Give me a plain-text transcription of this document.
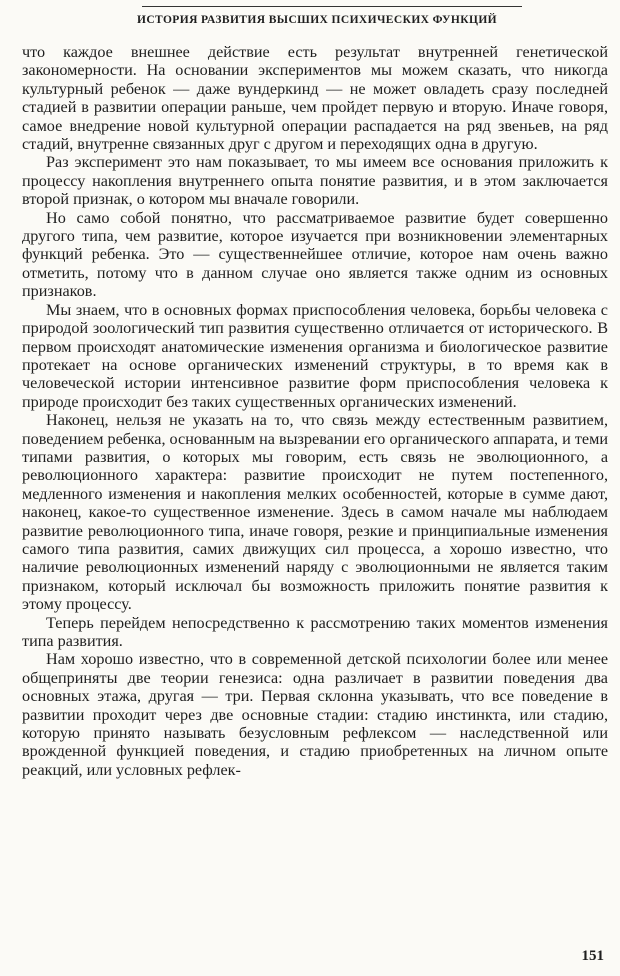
ИСТОРИЯ РАЗВИТИЯ ВЫСШИХ ПСИХИЧЕСКИХ ФУНКЦИЙ

что каждое внешнее действие есть результат внутренней генетической закономерности. На основании экспериментов мы можем сказать, что никогда культурный ребенок — даже вундеркинд — не может овладеть сразу последней стадией в развитии операции раньше, чем пройдет первую и вторую. Иначе говоря, самое внедрение новой культурной операции распадается на ряд звеньев, на ряд стадий, внутренне связанных друг с другом и переходящих одна в другую.

Раз эксперимент это нам показывает, то мы имеем все основания приложить к процессу накопления внутреннего опыта понятие развития, и в этом заключается второй признак, о котором мы вначале говорили.

Но само собой понятно, что рассматриваемое развитие будет совершенно другого типа, чем развитие, которое изучается при возникновении элементарных функций ребенка. Это — существеннейшее отличие, которое нам очень важно отметить, потому что в данном случае оно является также одним из основных признаков.

Мы знаем, что в основных формах приспособления человека, борьбы человека с природой зоологический тип развития существенно отличается от исторического. В первом происходят анатомические изменения организма и биологическое развитие протекает на основе органических изменений структуры, в то время как в человеческой истории интенсивное развитие форм приспособления человека к природе происходит без таких существенных органических изменений.

Наконец, нельзя не указать на то, что связь между естественным развитием, поведением ребенка, основанным на вызревании его органического аппарата, и теми типами развития, о которых мы говорим, есть связь не эволюционного, а революционного характера: развитие происходит не путем постепенного, медленного изменения и накопления мелких особенностей, которые в сумме дают, наконец, какое-то существенное изменение. Здесь в самом начале мы наблюдаем развитие революционного типа, иначе говоря, резкие и принципиальные изменения самого типа развития, самих движущих сил процесса, а хорошо известно, что наличие революционных изменений наряду с эволюционными не является таким признаком, который исключал бы возможность приложить понятие развития к этому процессу.

Теперь перейдем непосредственно к рассмотрению таких моментов изменения типа развития.

Нам хорошо известно, что в современной детской психологии более или менее общеприняты две теории генезиса: одна различает в развитии поведения два основных этажа, другая — три. Первая склонна указывать, что все поведение в развитии проходит через две основные стадии: стадию инстинкта, или стадию, которую принято называть безусловным рефлексом — наследственной или врожденной функцией поведения, и стадию приобретенных на личном опыте реакций, или условных рефлек-

151
